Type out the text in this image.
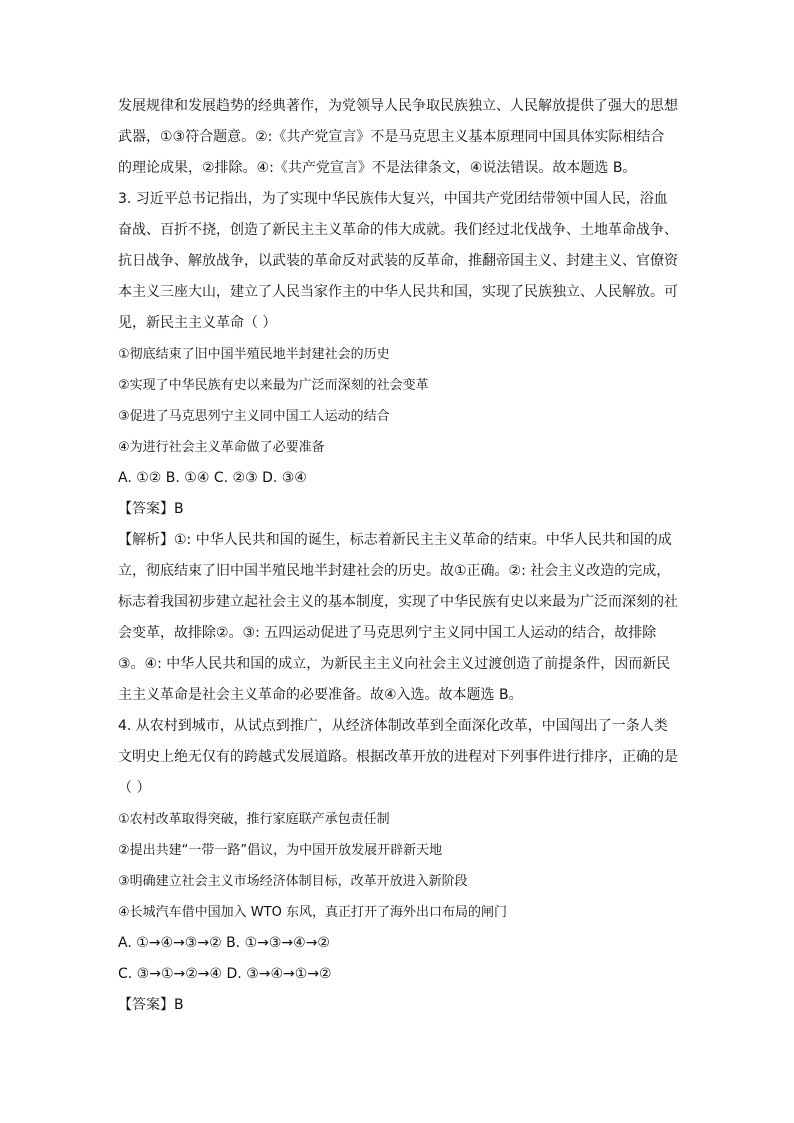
发展规律和发展趋势的经典著作，为党领导人民争取民族独立、人民解放提供了强大的思想
武器，①③符合题意。②:《共产党宣言》不是马克思主义基本原理同中国具体实际相结合
的理论成果，②排除。④:《共产党宣言》不是法律条文，④说法错误。故本题选 B。
3. 习近平总书记指出，为了实现中华民族伟大复兴，中国共产党团结带领中国人民，浴血
奋战、百折不挠，创造了新民主主义革命的伟大成就。我们经过北伐战争、土地革命战争、
抗日战争、解放战争，以武装的革命反对武装的反革命，推翻帝国主义、封建主义、官僚资
本主义三座大山，建立了人民当家作主的中华人民共和国，实现了民族独立、人民解放。可
见，新民主主义革命（ ）
①彻底结束了旧中国半殖民地半封建社会的历史
②实现了中华民族有史以来最为广泛而深刻的社会变革
③促进了马克思列宁主义同中国工人运动的结合
④为进行社会主义革命做了必要准备
A. ①② B. ①④ C. ②③ D. ③④
【答案】B
【解析】①: 中华人民共和国的诞生，标志着新民主主义革命的结束。中华人民共和国的成
立，彻底结束了旧中国半殖民地半封建社会的历史。故①正确。②: 社会主义改造的完成，
标志着我国初步建立起社会主义的基本制度，实现了中华民族有史以来最为广泛而深刻的社
会变革，故排除②。③: 五四运动促进了马克思列宁主义同中国工人运动的结合，故排除
③。④: 中华人民共和国的成立，为新民主主义向社会主义过渡创造了前提条件，因而新民
主主义革命是社会主义革命的必要准备。故④入选。故本题选 B。
4. 从农村到城市，从试点到推广，从经济体制改革到全面深化改革，中国闯出了一条人类
文明史上绝无仅有的跨越式发展道路。根据改革开放的进程对下列事件进行排序，正确的是
（ ）
①农村改革取得突破，推行家庭联产承包责任制
②提出共建“一带一路”倡议，为中国开放发展开辟新天地
③明确建立社会主义市场经济体制目标，改革开放进入新阶段
④长城汽车借中国加入 WTO 东风，真正打开了海外出口布局的闸门
A. ①→④→③→② B. ①→③→④→②
C. ③→①→②→④ D. ③→④→①→②
【答案】B
